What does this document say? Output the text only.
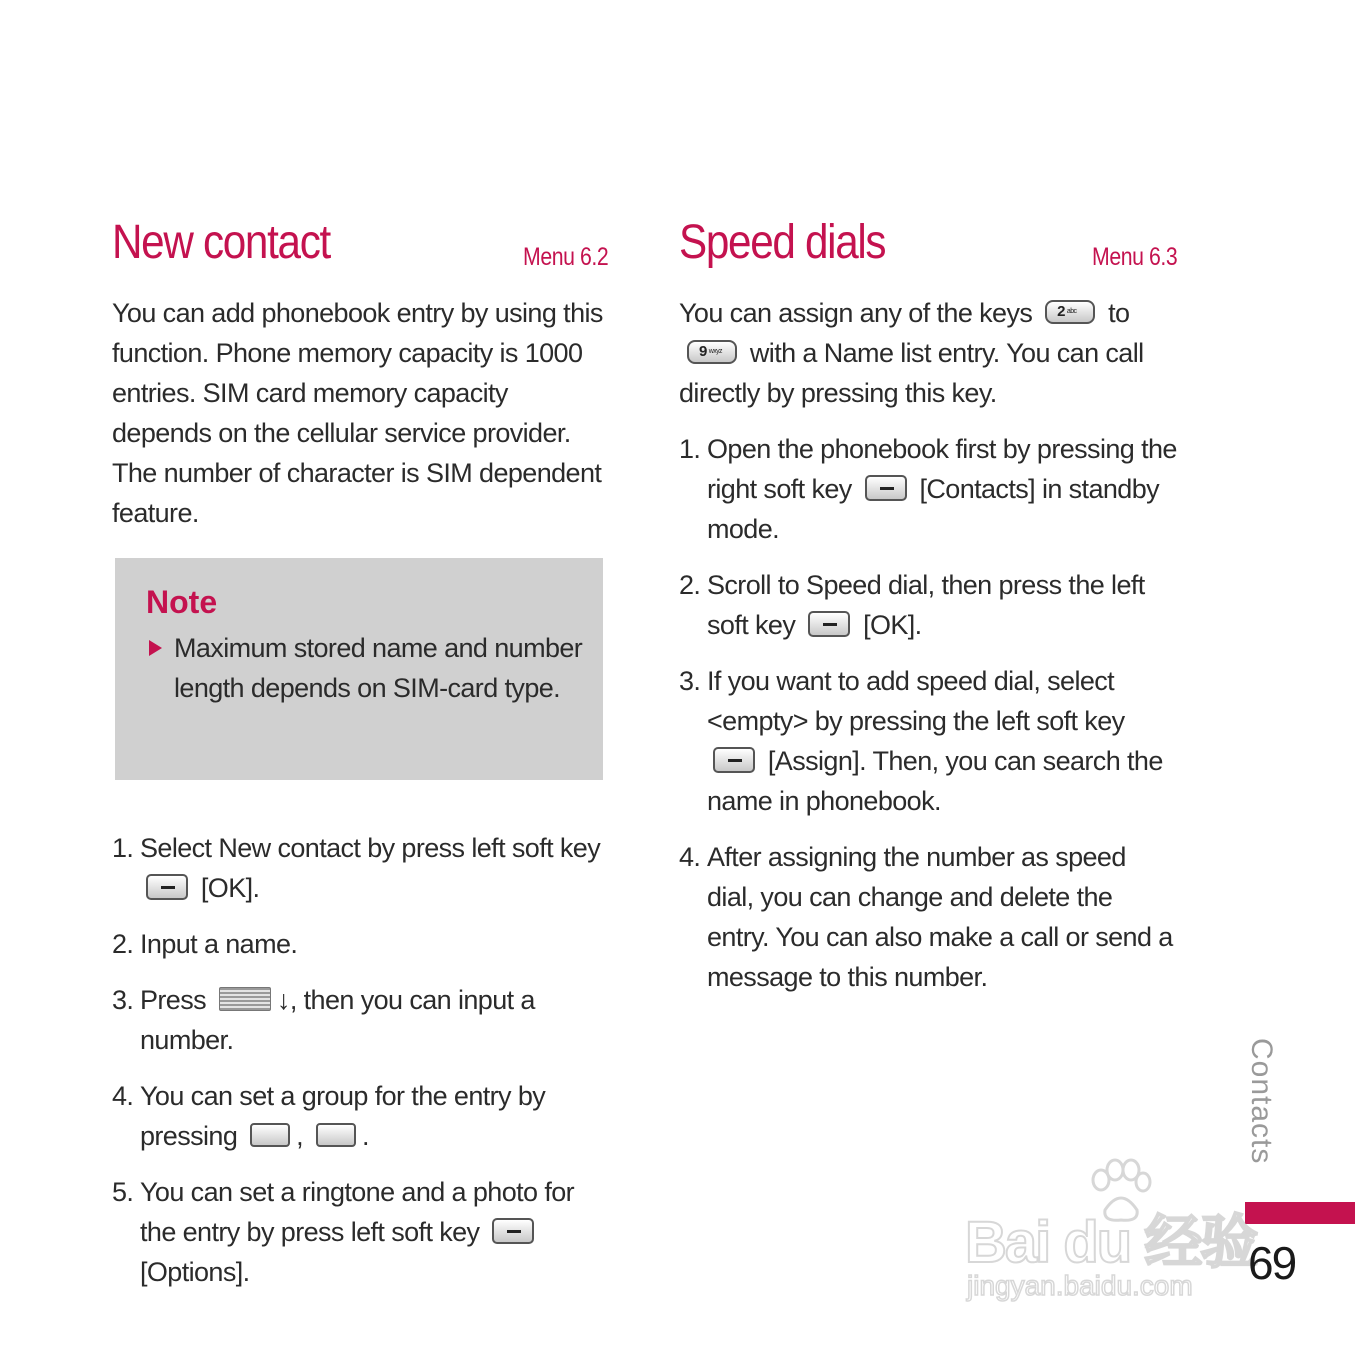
New contact	Menu 6.2

You can add phonebook entry by using this function. Phone memory capacity is 1000 entries. SIM card memory capacity depends on the cellular service provider. The number of character is SIM dependent feature.

Note
Maximum stored name and number length depends on SIM-card type.
1. Select New contact by press left soft key  [OK].
2. Input a name.
3. Press	↓, then you can input a number.
4. You can set a group for the entry by pressing , .
5. You can set a ringtone and a photo for the entry by press left soft key
[Options].
Speed dials	Menu 6.3

You can assign any of the keys 2 $^{abc}$ to
9 $^{wxyz}$ with a Name list entry. You can call directly by pressing this key.

1. Open the phonebook first by pressing the right soft key	[Contacts] in standby mode.
2. Scroll to Speed dial, then press the left soft key	[OK].
3. If you want to add speed dial, select <empty> by pressing the left soft key
[Assign]. Then, you can search the name in phonebook.
4. After assigning the number as speed dial, you can change and delete the entry. You can also make a call or send a message to this number.
Contacts
Bai du 经验
jingyan.baidu.com 69
